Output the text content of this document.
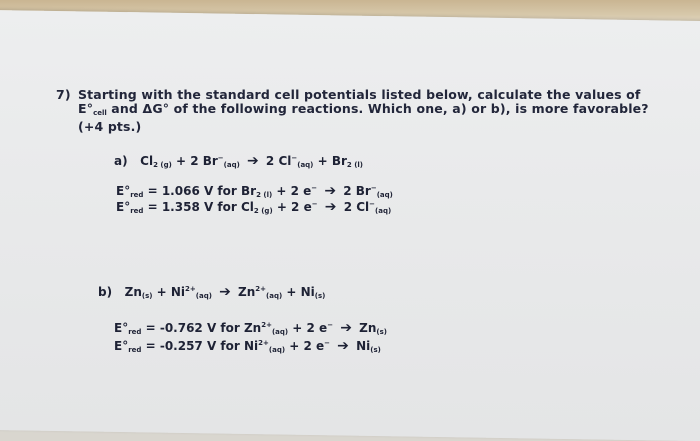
7) Starting with the standard cell potentials listed below, calculate the values of
$E^\circ_{cell}$ and ΔG° of the following reactions. Which one, a) or b), is more favorable?
(+4 pts.)
a) $Cl_{2 (g)} + 2$ $Br^-_{(aq)}$ ➔ 2 $Cl^-_{(aq)} + Br_{2 (l)}$
$E^\circ_{red} = 1.066$ V for $Br_{2 (l)} + 2$ e− ➔ 2 $Br^-_{(aq)}$
$E^\circ_{red} = 1.358$ V for $Cl_{2 (g)} + 2$ e− ➔ 2 $Cl^-_{(aq)}$
b) $Zn_{(s)} + Ni^{2+}_{(aq)}$ ➔ $Zn^{2+}_{(aq)} + Ni_{(s)}$
$E^\circ_{red} = -0.762$ V for $Zn^{2+}_{(aq)} + 2$ e− ➔ $Zn_{(s)}$
$E^\circ_{red} = -0.257$ V for $Ni^{2+}_{(aq)} + 2$ e− ➔ $Ni_{(s)}$
